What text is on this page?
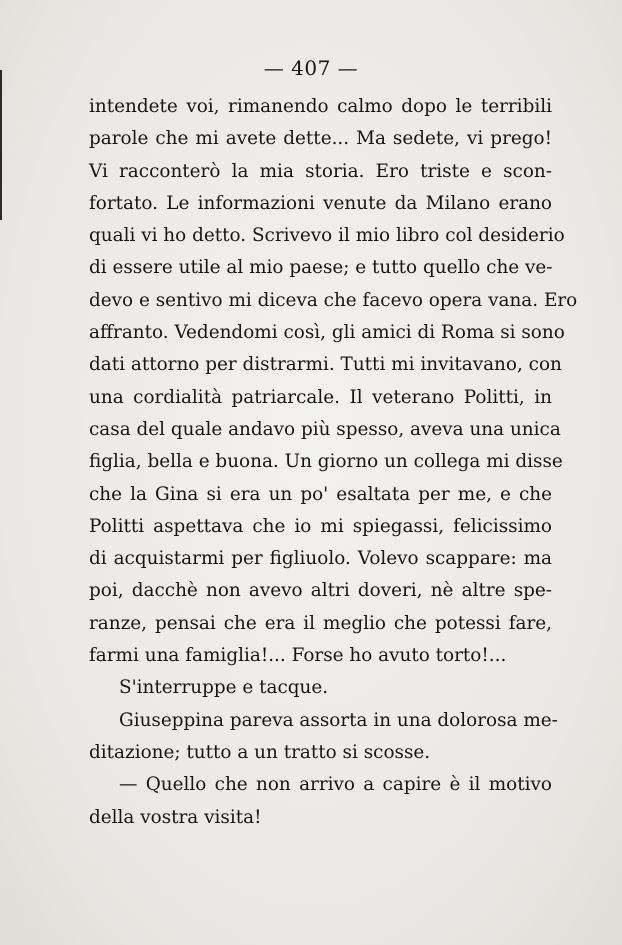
— 407 —
intendete voi, rimanendo calmo dopo le terribili
parole che mi avete dette... Ma sedete, vi prego!
Vi racconterò la mia storia. Ero triste e scon-
fortato. Le informazioni venute da Milano erano
quali vi ho detto. Scrivevo il mio libro col desiderio
di essere utile al mio paese; e tutto quello che ve-
devo e sentivo mi diceva che facevo opera vana. Ero
affranto. Vedendomi così, gli amici di Roma si sono
dati attorno per distrarmi. Tutti mi invitavano, con
una cordialità patriarcale. Il veterano Politti, in
casa del quale andavo più spesso, aveva una unica
figlia, bella e buona. Un giorno un collega mi disse
che la Gina si era un po' esaltata per me, e che
Politti aspettava che io mi spiegassi, felicissimo
di acquistarmi per figliuolo. Volevo scappare: ma
poi, dacchè non avevo altri doveri, nè altre spe-
ranze, pensai che era il meglio che potessi fare,
farmi una famiglia!... Forse ho avuto torto!...
S'interruppe e tacque.
Giuseppina pareva assorta in una dolorosa me-
ditazione; tutto a un tratto si scosse.
— Quello che non arrivo a capire è il motivo
della vostra visita!
